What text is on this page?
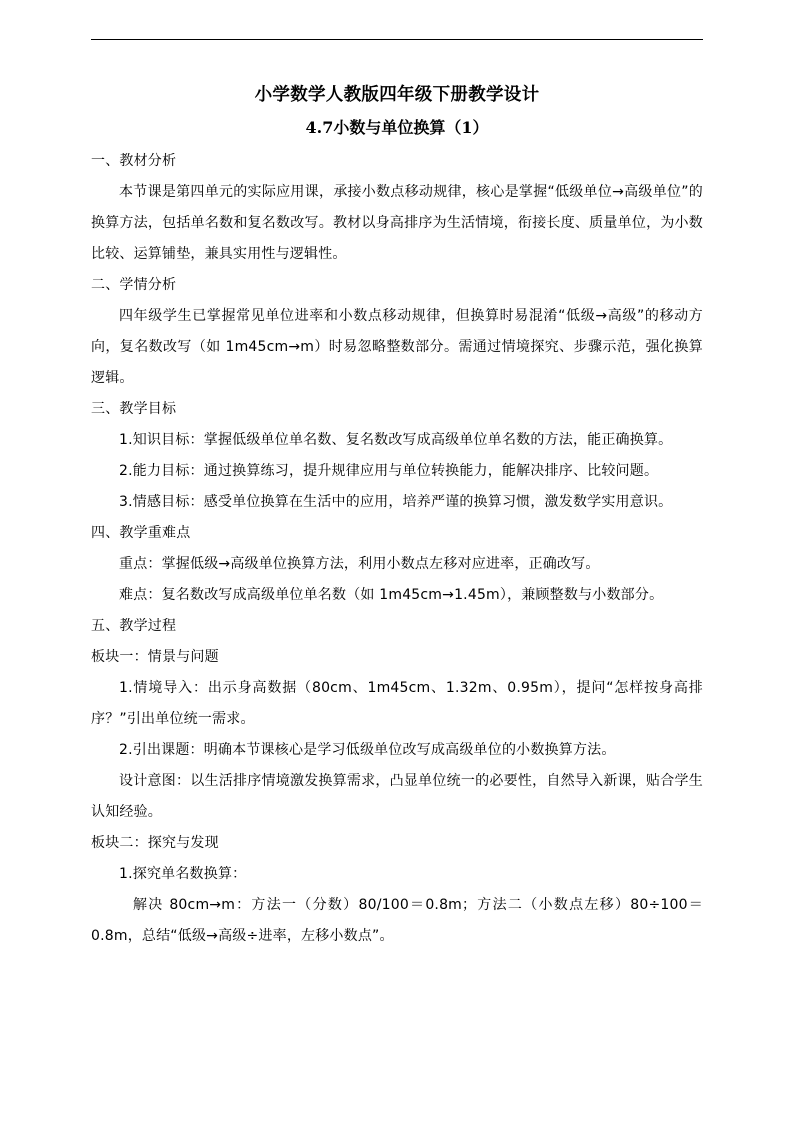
小学数学人教版四年级下册教学设计
4.7小数与单位换算（1）

一、教材分析

本节课是第四单元的实际应用课，承接小数点移动规律，核心是掌握“低级单位→高级单位”的换算方法，包括单名数和复名数改写。教材以身高排序为生活情境，衔接长度、质量单位，为小数比较、运算铺垫，兼具实用性与逻辑性。

二、学情分析

四年级学生已掌握常见单位进率和小数点移动规律，但换算时易混淆“低级→高级”的移动方向，复名数改写（如 1m45cm→m）时易忽略整数部分。需通过情境探究、步骤示范，强化换算逻辑。

三、教学目标

1.知识目标：掌握低级单位单名数、复名数改写成高级单位单名数的方法，能正确换算。

2.能力目标：通过换算练习，提升规律应用与单位转换能力，能解决排序、比较问题。

3.情感目标：感受单位换算在生活中的应用，培养严谨的换算习惯，激发数学实用意识。

四、教学重难点

重点：掌握低级→高级单位换算方法，利用小数点左移对应进率，正确改写。

难点：复名数改写成高级单位单名数（如 1m45cm→1.45m），兼顾整数与小数部分。

五、教学过程

板块一：情景与问题

1.情境导入：出示身高数据（80cm、1m45cm、1.32m、0.95m），提问“怎样按身高排序？”引出单位统一需求。

2.引出课题：明确本节课核心是学习低级单位改写成高级单位的小数换算方法。

设计意图：以生活排序情境激发换算需求，凸显单位统一的必要性，自然导入新课，贴合学生认知经验。

板块二：探究与发现

1.探究单名数换算：

解决 80cm→m：方法一（分数）80/100＝0.8m；方法二（小数点左移）80÷100＝0.8m，总结“低级→高级÷进率，左移小数点”。
